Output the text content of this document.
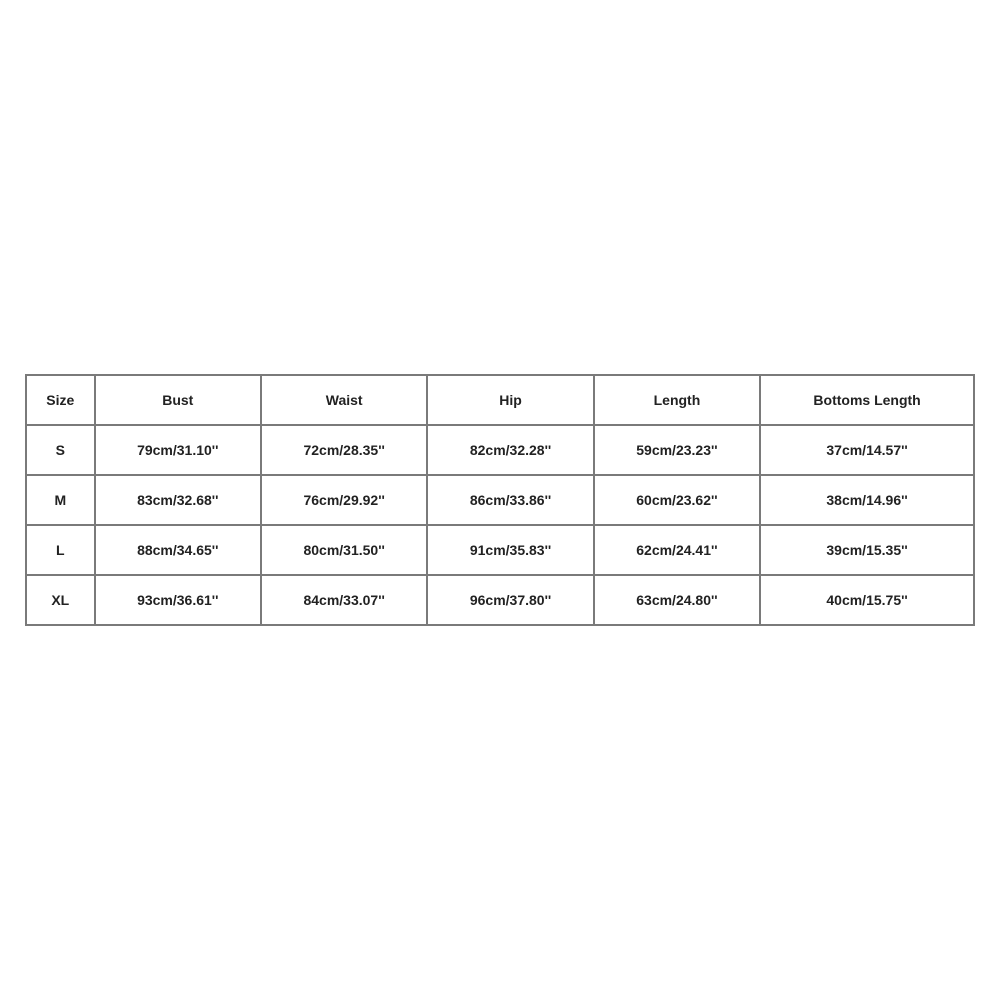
Size	Bust	Waist	Hip	Length	Bottoms Length
S	79cm/31.10''	72cm/28.35''	82cm/32.28''	59cm/23.23''	37cm/14.57''
M	83cm/32.68''	76cm/29.92''	86cm/33.86''	60cm/23.62''	38cm/14.96''
L	88cm/34.65''	80cm/31.50''	91cm/35.83''	62cm/24.41''	39cm/15.35''
XL	93cm/36.61''	84cm/33.07''	96cm/37.80''	63cm/24.80''	40cm/15.75''
